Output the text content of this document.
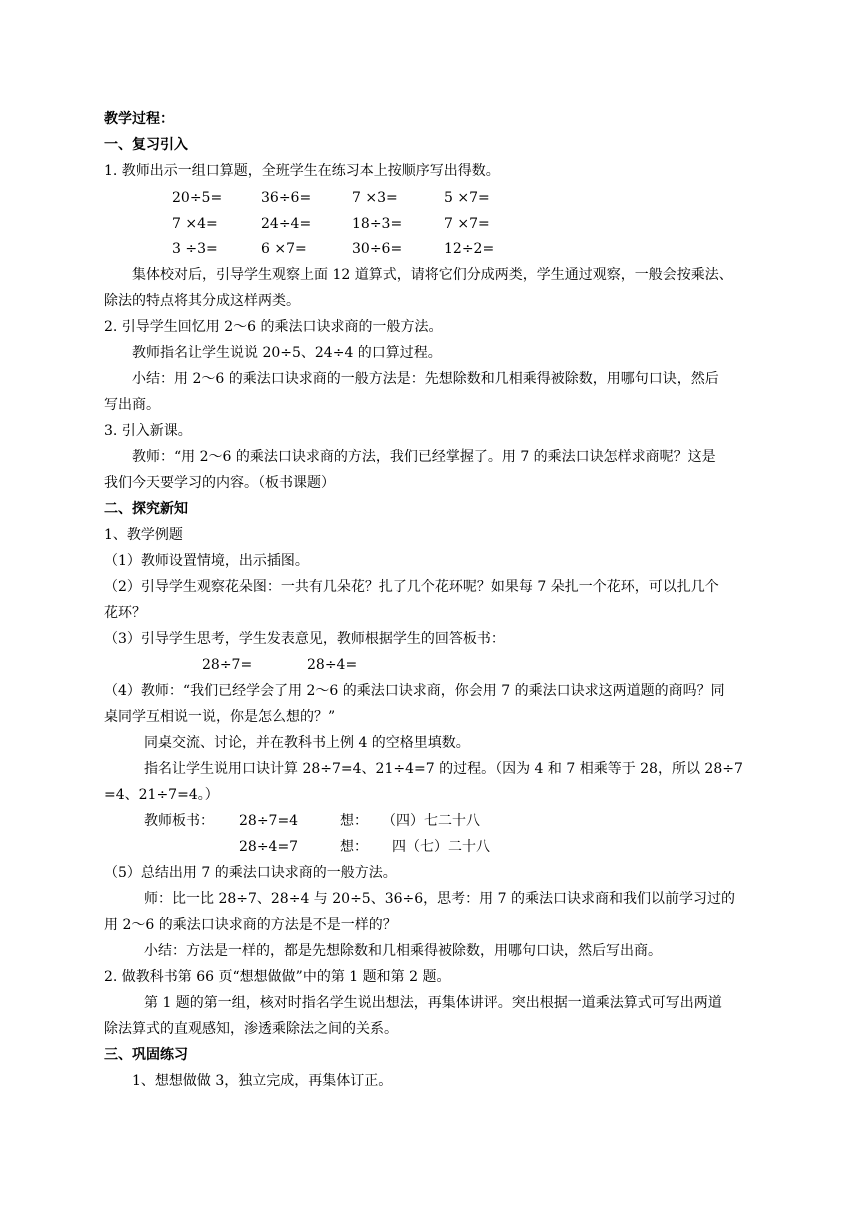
教学过程：
一、复习引入
1. 教师出示一组口算题，全班学生在练习本上按顺序写出得数。
20÷5=	36÷6=	7 ×3=	5 ×7=
7 ×4=	24÷4=	18÷3=	7 ×7=
3 ÷3=	6 ×7=	30÷6=	12÷2=
集体校对后，引导学生观察上面 12 道算式，请将它们分成两类，学生通过观察，一般会按乘法、
除法的特点将其分成这样两类。
2. 引导学生回忆用 2～6 的乘法口诀求商的一般方法。
教师指名让学生说说 20÷5、24÷4 的口算过程。
小结：用 2～6 的乘法口诀求商的一般方法是：先想除数和几相乘得被除数，用哪句口诀，然后
写出商。
3. 引入新课。
教师：“用 2～6 的乘法口诀求商的方法，我们已经掌握了。用 7 的乘法口诀怎样求商呢？这是
我们今天要学习的内容。（板书课题）
二、探究新知
1、教学例题
（1）教师设置情境，出示插图。
（2）引导学生观察花朵图：一共有几朵花？扎了几个花环呢？如果每 7 朵扎一个花环，可以扎几个
花环？
（3）引导学生思考，学生发表意见，教师根据学生的回答板书：
28÷7=	28÷4=
（4）教师：“我们已经学会了用 2～6 的乘法口诀求商，你会用 7 的乘法口诀求这两道题的商吗？同
桌同学互相说一说，你是怎么想的？”
同桌交流、讨论，并在教科书上例 4 的空格里填数。
指名让学生说用口诀计算 28÷7=4、21÷4=7 的过程。（因为 4 和 7 相乘等于 28，所以 28÷7
=4、21÷7=4。）
教师板书： 28÷7=4	想： （四）七二十八
28÷4=7	想： 四（七）二十八
（5）总结出用 7 的乘法口诀求商的一般方法。
师：比一比 28÷7、28÷4 与 20÷5、36÷6，思考：用 7 的乘法口诀求商和我们以前学习过的
用 2～6 的乘法口诀求商的方法是不是一样的？
小结：方法是一样的，都是先想除数和几相乘得被除数，用哪句口诀，然后写出商。
2. 做教科书第 66 页“想想做做”中的第 1 题和第 2 题。
第 1 题的第一组，核对时指名学生说出想法，再集体讲评。突出根据一道乘法算式可写出两道
除法算式的直观感知，渗透乘除法之间的关系。
三、巩固练习
1、想想做做 3，独立完成，再集体订正。
